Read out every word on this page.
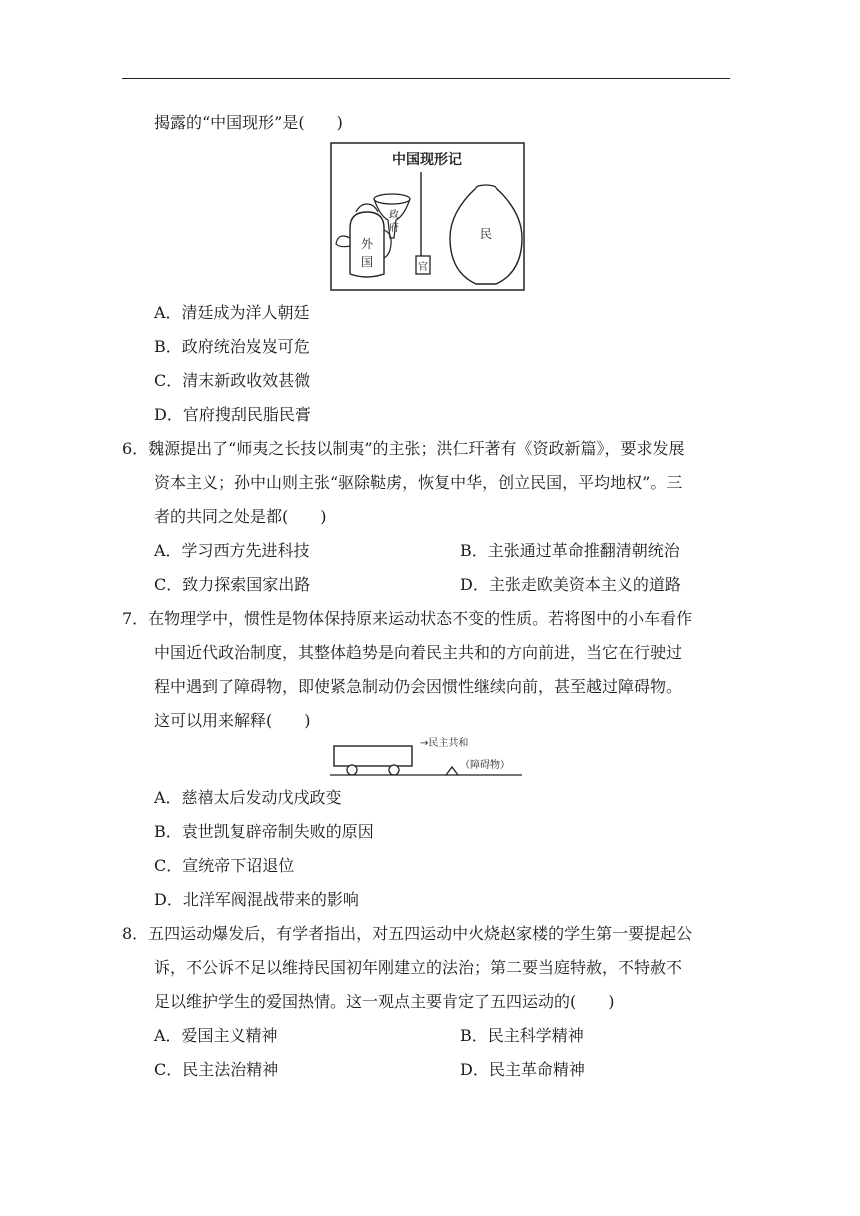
揭露的“中国现形”是(　　)
中国现形记
外
国
政
府
官
民
A．清廷成为洋人朝廷
B．政府统治岌岌可危
C．清末新政收效甚微
D．官府搜刮民脂民膏
6．魏源提出了“师夷之长技以制夷”的主张；洪仁玕著有《资政新篇》，要求发展
资本主义；孙中山则主张“驱除鞑虏，恢复中华，创立民国，平均地权”。三
者的共同之处是都(　　)
A．学习西方先进科技	B．主张通过革命推翻清朝统治
C．致力探索国家出路	D．主张走欧美资本主义的道路
7．在物理学中，惯性是物体保持原来运动状态不变的性质。若将图中的小车看作
中国近代政治制度，其整体趋势是向着民主共和的方向前进，当它在行驶过
程中遇到了障碍物，即使紧急制动仍会因惯性继续向前，甚至越过障碍物。
这可以用来解释(　　)
→民主共和
（障碍物）
A．慈禧太后发动戊戌政变
B．袁世凯复辟帝制失败的原因
C．宣统帝下诏退位
D．北洋军阀混战带来的影响
8．五四运动爆发后，有学者指出，对五四运动中火烧赵家楼的学生第一要提起公
诉，不公诉不足以维持民国初年刚建立的法治；第二要当庭特赦，不特赦不
足以维护学生的爱国热情。这一观点主要肯定了五四运动的(　　)
A．爱国主义精神	B．民主科学精神
C．民主法治精神	D．民主革命精神
